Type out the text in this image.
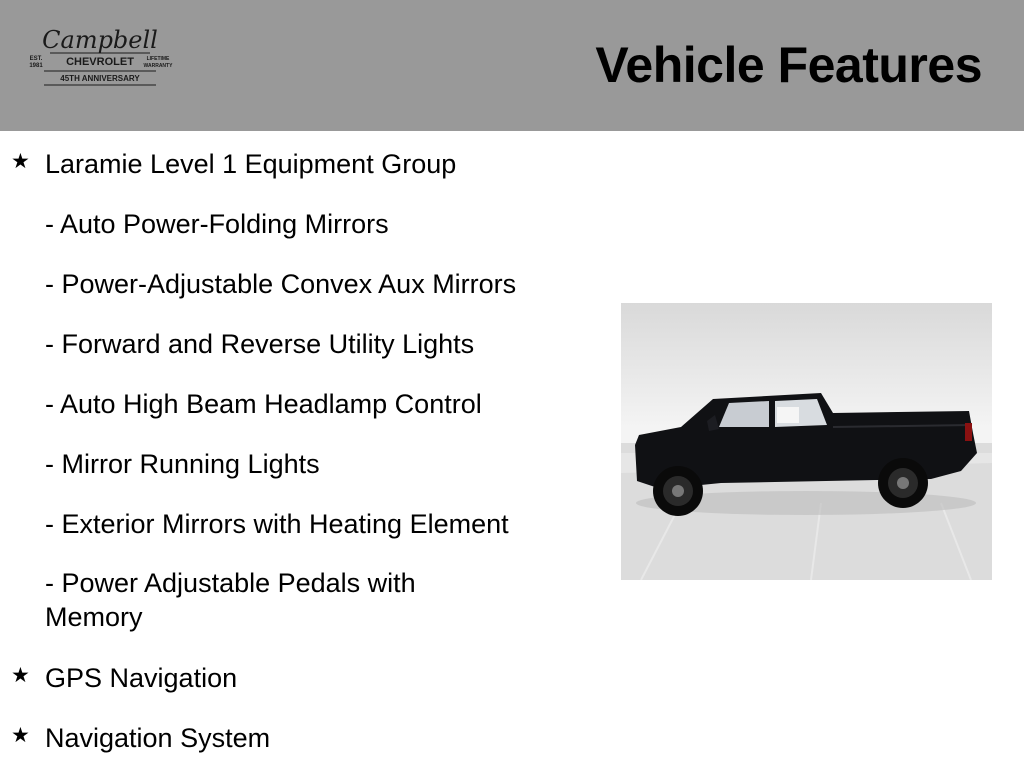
Campbell
EST.
1981 CHEVROLET	LIFETIME
WARRANTY
45TH ANNIVERSARY	Vehicle Features
★ Laramie Level 1 Equipment Group
- Auto Power-Folding Mirrors
- Power-Adjustable Convex Aux Mirrors
- Forward and Reverse Utility Lights
- Auto High Beam Headlamp Control
- Mirror Running Lights
- Exterior Mirrors with Heating Element
- Power Adjustable Pedals with Memory
★ GPS Navigation
★ Navigation System
